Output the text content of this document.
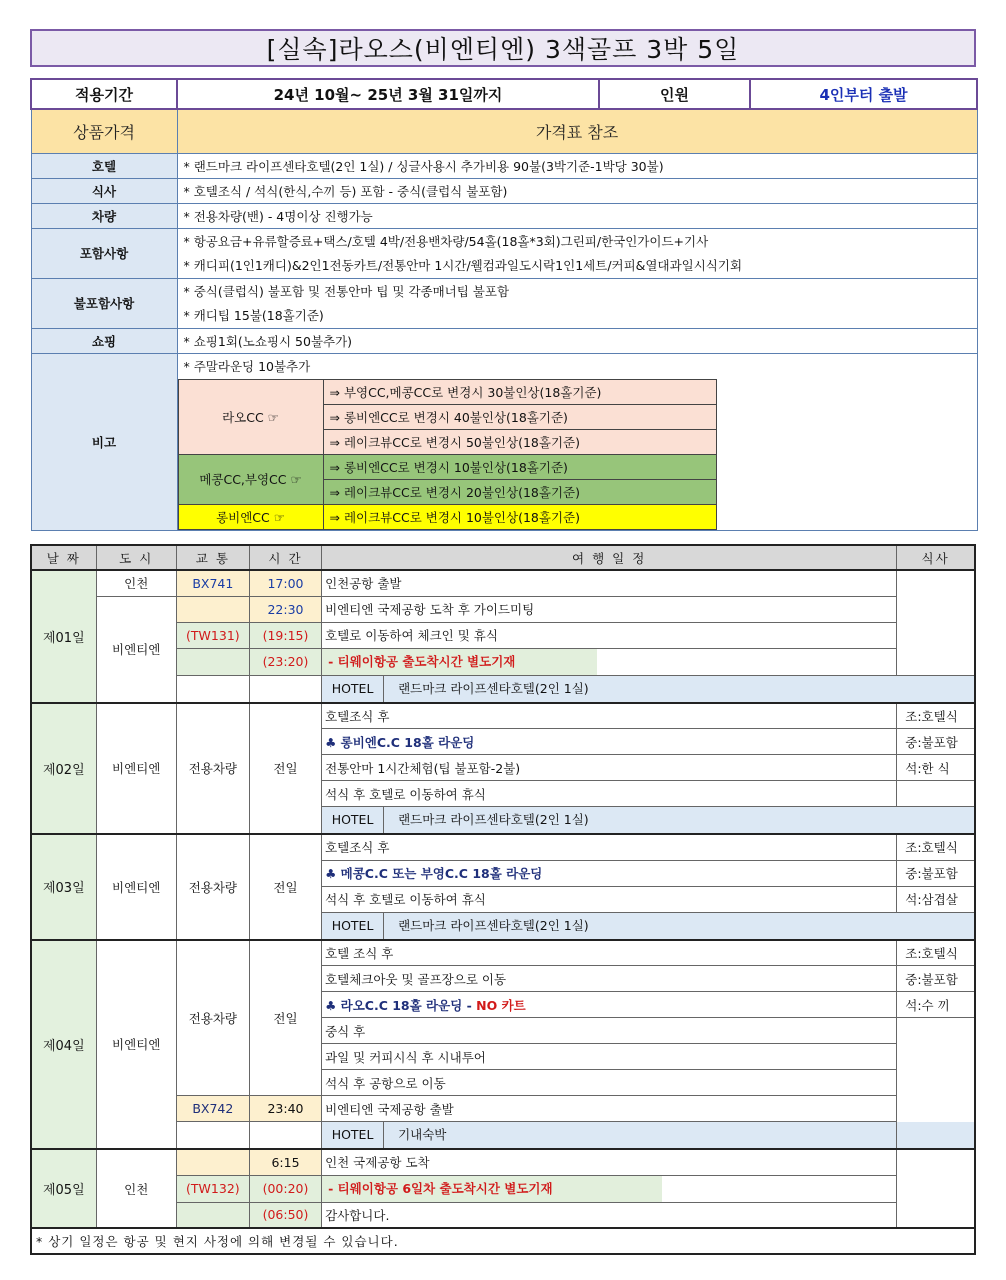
[실속]라오스(비엔티엔) 3색골프 3박 5일
적용기간	24년 10월~ 25년 3월 31일까지	인원	4인부터 출발
상품가격	가격표 참조
호텔	* 랜드마크 라이프센타호텔(2인 1실) / 싱글사용시 추가비용 90불(3박기준-1박당 30불)
식사	* 호텔조식 / 석식(한식,수끼 등) 포함 - 중식(클럽식 불포함)
차량	* 전용차량(밴) - 4명이상 진행가능
포함사항	* 항공요금+유류할증료+택스/호텔 4박/전용밴차량/54홀(18홀*3회)그린피/한국인가이드+기사
* 캐디피(1인1캐디)&2인1전동카트/전통안마 1시간/웰컴과일도시락1인1세트/커피&열대과일시식기회
불포함사항	* 중식(클럽식) 불포함 및 전통안마 팁 및 각종매너팁 불포함
* 캐디팁 15불(18홀기준)
쇼핑	* 쇼핑1회(노쇼핑시 50불추가)
비고	
* 주말라운딩 10불추가
라오CC ☞	⇒ 부영CC,메콩CC로 변경시 30불인상(18홀기준)
⇒ 롱비엔CC로 변경시 40불인상(18홀기준)
⇒ 레이크뷰CC로 변경시 50불인상(18홀기준)
메콩CC,부영CC ☞	⇒ 롱비엔CC로 변경시 10불인상(18홀기준)
⇒ 레이크뷰CC로 변경시 20불인상(18홀기준)
롱비엔CC ☞	⇒ 레이크뷰CC로 변경시 10불인상(18홀기준)
날 짜	도 시	교 통	시 간	여 행 일 정	식사
제01일	인천	BX741	17:00	인천공항 출발	
	비엔티엔		22:30	비엔티엔 국제공항 도착 후 가이드미팅	
		(TW131)	(19:15)	호텔로 이동하여 체크인 및 휴식	
			(23:20)	- 티웨이항공 출도착시간 별도기재	
				HOTEL 랜드마크 라이프센타호텔(2인 1실)	
제02일	비엔티엔	전용차량	전일	호텔조식 후	조:호텔식
				♣ 롱비엔C.C 18홀 라운딩	중:불포함
				전통안마 1시간체험(팁 불포함-2불)	석:한 식
				석식 후 호텔로 이동하여 휴식	
				HOTEL 랜드마크 라이프센타호텔(2인 1실)	
제03일	비엔티엔	전용차량	전일	호텔조식 후	조:호텔식
				♣ 메콩C.C 또는 부영C.C 18홀 라운딩	중:불포함
				석식 후 호텔로 이동하여 휴식	석:삼겹살
				HOTEL 랜드마크 라이프센타호텔(2인 1실)	
제04일	비엔티엔	전용차량	전일	호텔 조식 후	조:호텔식
				호텔체크아웃 및 골프장으로 이동	중:불포함
				♣ 라오C.C 18홀 라운딩 - NO 카트	석:수 끼
				중식 후	
				과일 및 커피시식 후 시내투어	
				석식 후 공항으로 이동	
		BX742	23:40	비엔티엔 국제공항 출발	
				HOTEL 기내숙박	
제05일	인천		6:15	인천 국제공항 도착	
		(TW132)	(00:20)	- 티웨이항공 6일차 출도착시간 별도기재	
			(06:50)	감사합니다.	
* 상기 일정은 항공 및 현지 사정에 의해 변경될 수 있습니다.					
